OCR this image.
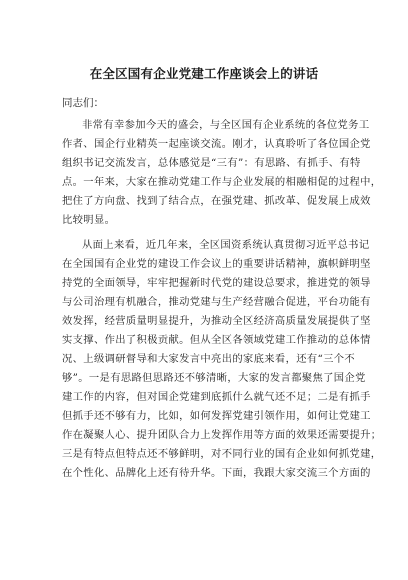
在全区国有企业党建工作座谈会上的讲话

同志们：

非常有幸参加今天的盛会，与全区国有企业系统的各位党务工
作者、国企行业精英一起座谈交流。刚才，认真聆听了各位国企党
组织书记交流发言，总体感觉是“三有”：有思路、有抓手、有特
点。一年来，大家在推动党建工作与企业发展的相融相促的过程中，
把住了方向盘、找到了结合点，在强党建、抓改革、促发展上成效
比较明显。
从面上来看，近几年来，全区国资系统认真贯彻习近平总书记
在全国国有企业党的建设工作会议上的重要讲话精神，旗帜鲜明坚
持党的全面领导，牢牢把握新时代党的建设总要求，推进党的领导
与公司治理有机融合，推动党建与生产经营融合促进，平台功能有
效发挥，经营质量明显提升，为推动全区经济高质量发展提供了坚
实支撑、作出了积极贡献。但从全区各领域党建工作推动的总体情
况、上级调研督导和大家发言中亮出的家底来看，还有“三个不
够”。一是有思路但思路还不够清晰，大家的发言都聚焦了国企党
建工作的内容，但对国企党建到底抓什么就气还不足；二是有抓手
但抓手还不够有力，比如，如何发挥党建引领作用，如何让党建工
作在凝聚人心、提升团队合力上发挥作用等方面的效果还需要提升；
三是有特点但特点还不够鲜明，对不同行业的国有企业如何抓党建，
在个性化、品牌化上还有待升华。下面，我跟大家交流三个方面的
